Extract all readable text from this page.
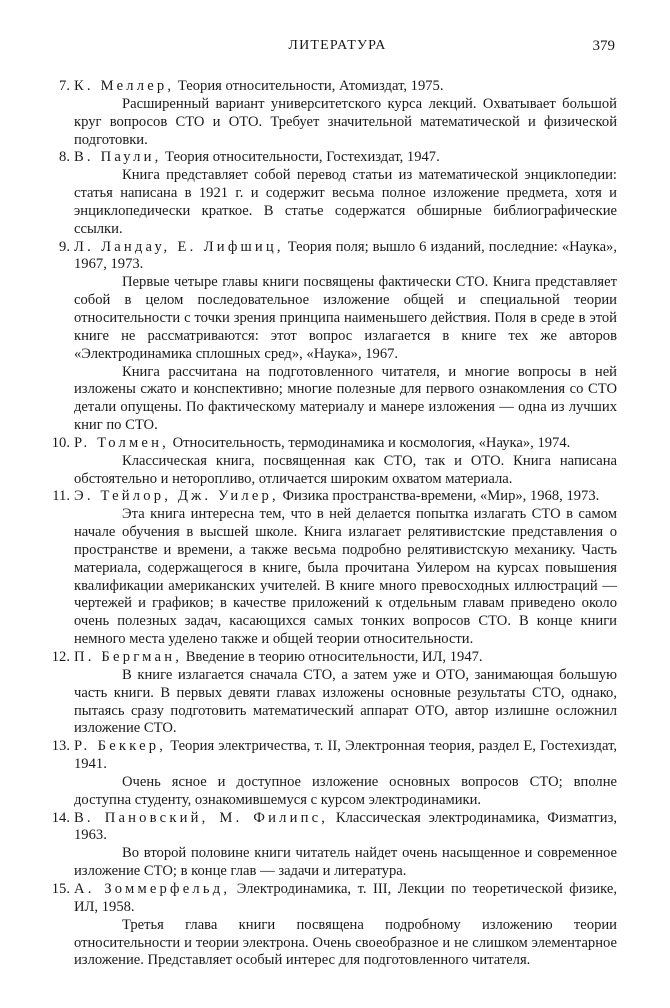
ЛИТЕРАТУРА	379
7. К. Меллер, Теория относительности, Атомиздат, 1975.
Расширенный вариант университетского курса лекций. Охватывает большой круг вопросов СТО и ОТО. Требует значительной математической и физической подготовки.
8. В. Паули, Теория относительности, Гостехиздат, 1947.
Книга представляет собой перевод статьи из математической энциклопедии: статья написана в 1921 г. и содержит весьма полное изложение предмета, хотя и энциклопедически краткое. В статье содержатся обширные библиографические ссылки.
9. Л. Ландау, Е. Лифшиц, Теория поля; вышло 6 изданий, последние: «Наука», 1967, 1973.
Первые четыре главы книги посвящены фактически СТО. Книга представляет собой в целом последовательное изложение общей и специальной теории относительности с точки зрения принципа наименьшего действия. Поля в среде в этой книге не рассматриваются: этот вопрос излагается в книге тех же авторов «Электродинамика сплошных сред», «Наука», 1967.
Книга рассчитана на подготовленного читателя, и многие вопросы в ней изложены сжато и конспективно; многие полезные для первого ознакомления со СТО детали опущены. По фактическому материалу и манере изложения — одна из лучших книг по СТО.
10. Р. Толмен, Относительность, термодинамика и космология, «Наука», 1974.
Классическая книга, посвященная как СТО, так и ОТО. Книга написана обстоятельно и неторопливо, отличается широким охватом материала.
11. Э. Тейлор, Дж. Уилер, Физика пространства-времени, «Мир», 1968, 1973.
Эта книга интересна тем, что в ней делается попытка излагать СТО в самом начале обучения в высшей школе. Книга излагает релятивистские представления о пространстве и времени, а также весьма подробно релятивистскую механику. Часть материала, содержащегося в книге, была прочитана Уилером на курсах повышения квалификации американских учителей. В книге много превосходных иллюстраций — чертежей и графиков; в качестве приложений к отдельным главам приведено около очень полезных задач, касающихся самых тонких вопросов СТО. В конце книги немного места уделено также и общей теории относительности.
12. П. Бергман, Введение в теорию относительности, ИЛ, 1947.
В книге излагается сначала СТО, а затем уже и ОТО, занимающая большую часть книги. В первых девяти главах изложены основные результаты СТО, однако, пытаясь сразу подготовить математический аппарат ОТО, автор излишне осложнил изложение СТО.
13. Р. Беккер, Теория электричества, т. II, Электронная теория, раздел Е, Гостехиздат, 1941.
Очень ясное и доступное изложение основных вопросов СТО; вполне доступна студенту, ознакомившемуся с курсом электродинамики.
14. В. Пановский, М. Филипс, Классическая электродинамика, Физматгиз, 1963.
Во второй половине книги читатель найдет очень насыщенное и современное изложение СТО; в конце глав — задачи и литература.
15. А. Зоммерфельд, Электродинамика, т. III, Лекции по теоретической физике, ИЛ, 1958.
Третья глава книги посвящена подробному изложению теории относительности и теории электрона. Очень своеобразное и не слишком элементарное изложение. Представляет особый интерес для подготовленного читателя.
